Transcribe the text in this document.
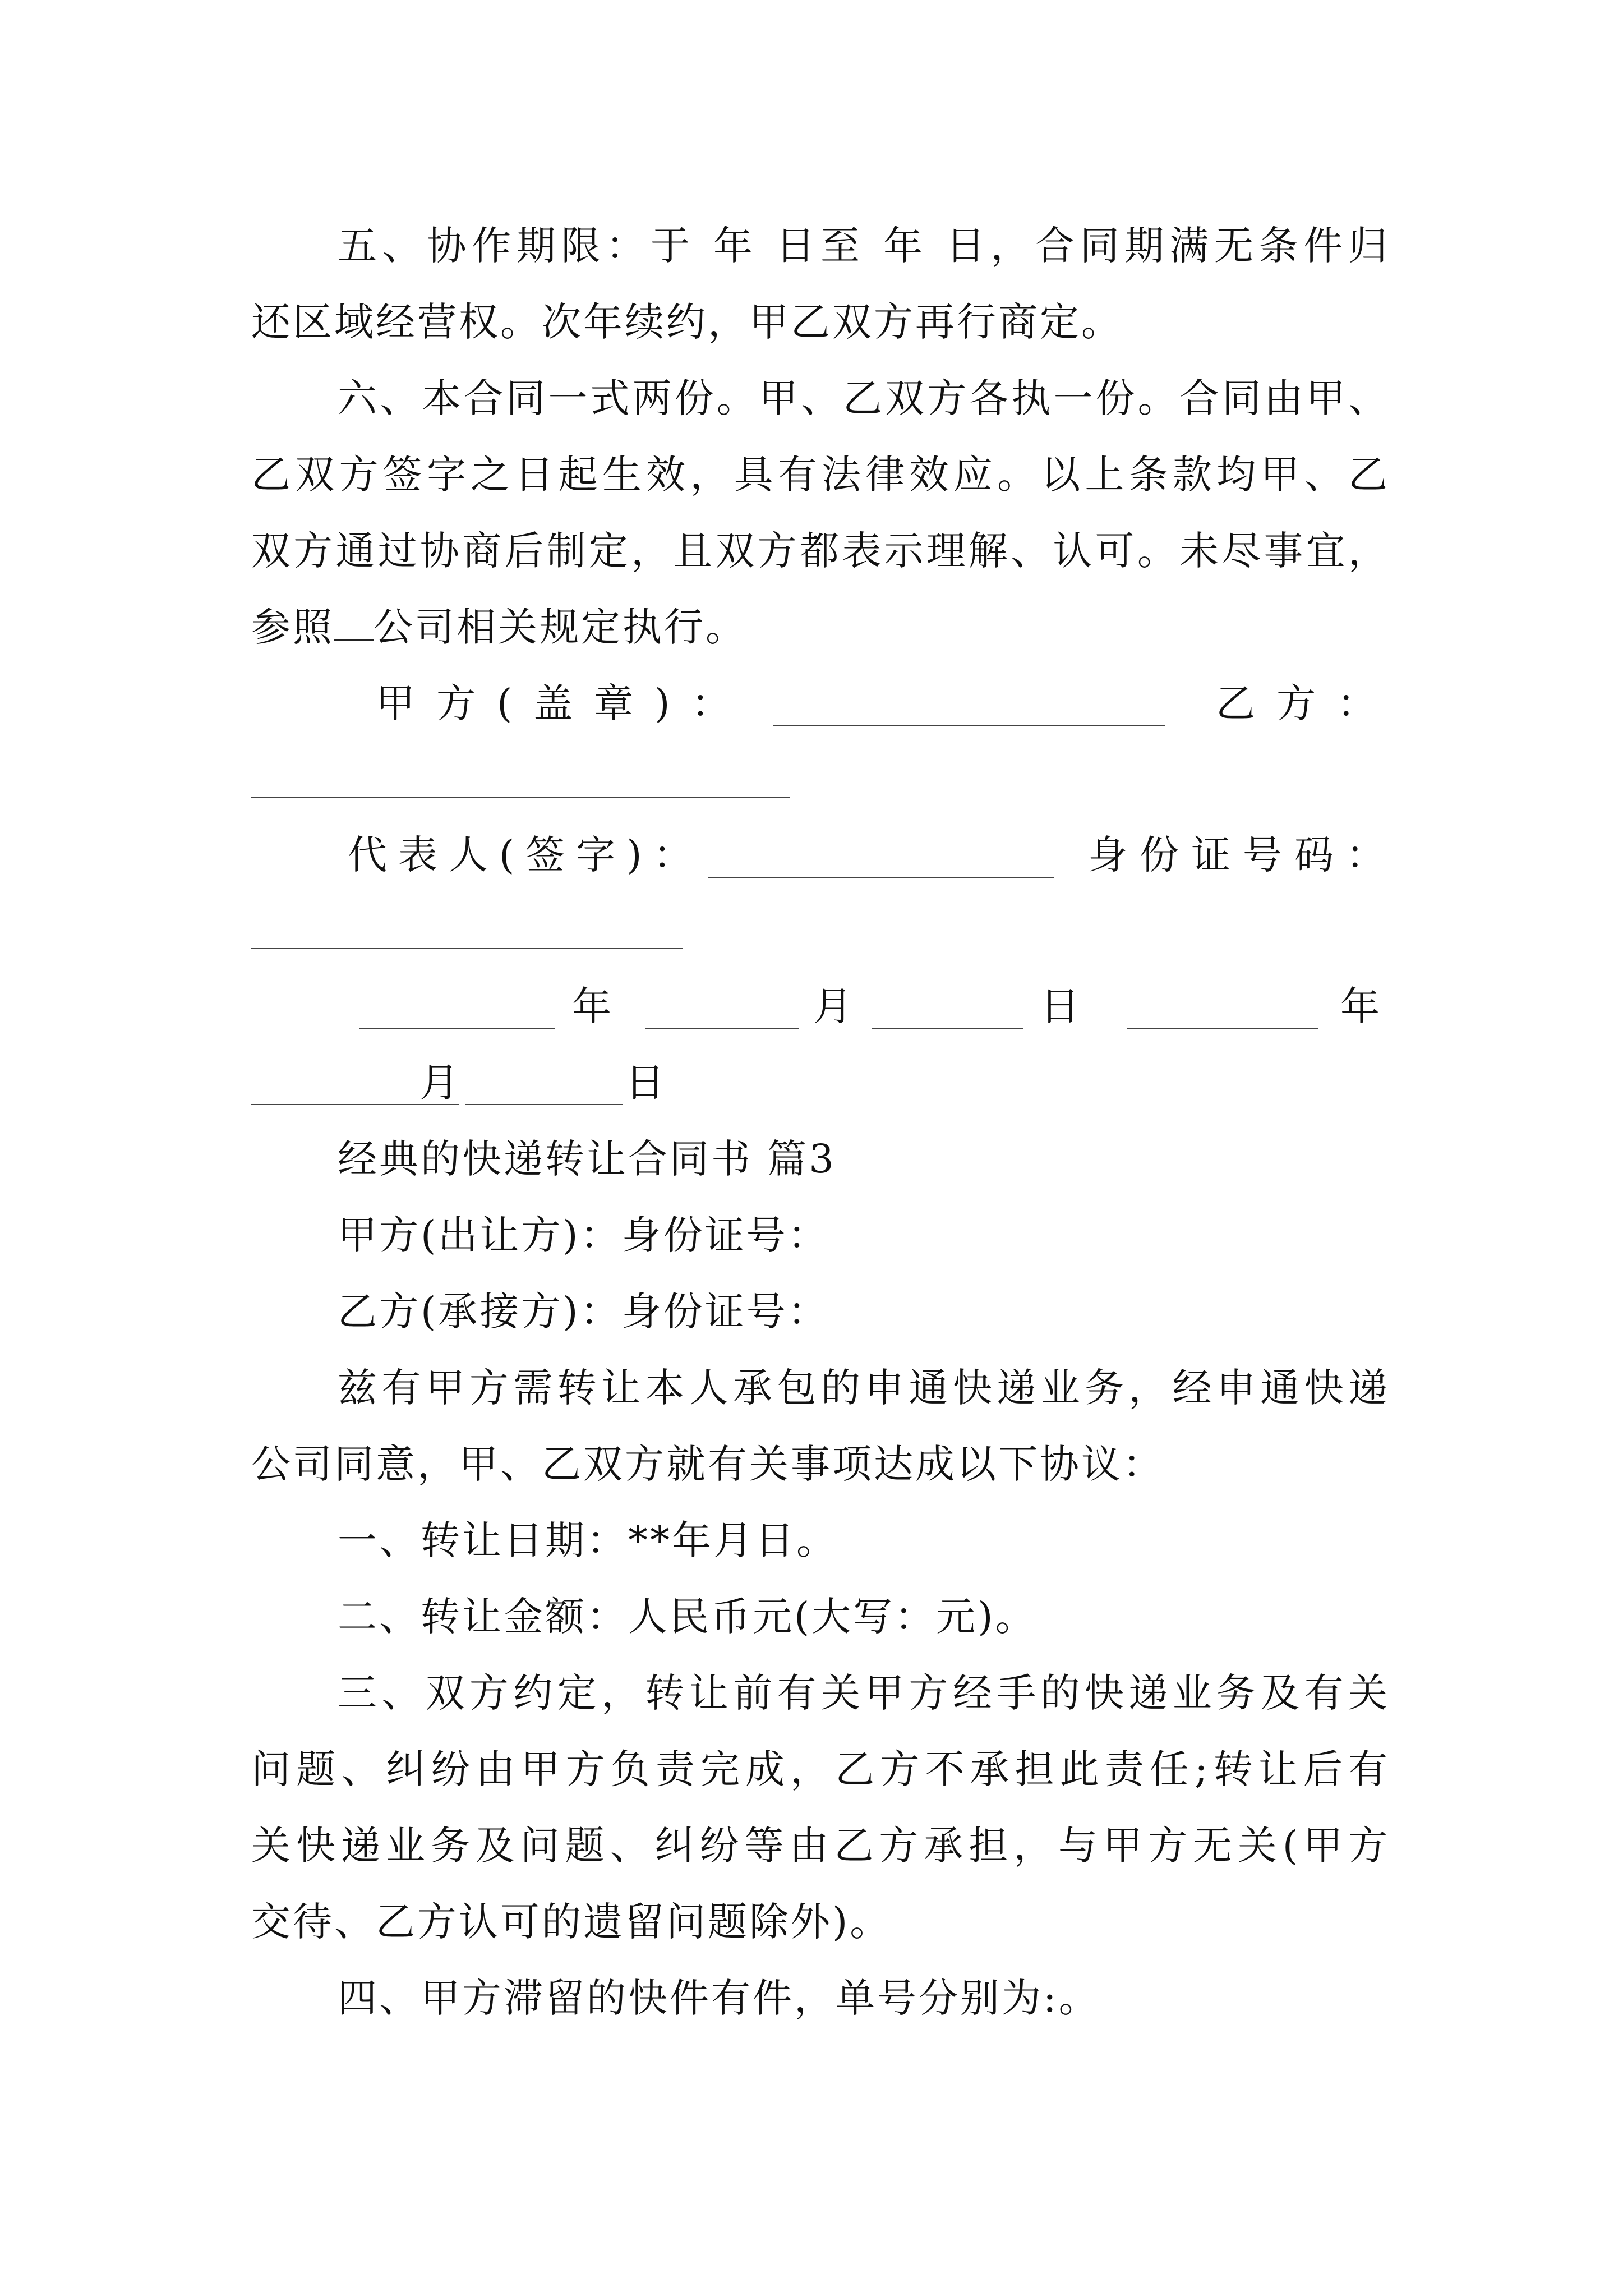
五、协作期限：于 年 日至 年 日，合同期满无条件归
还区域经营权。次年续约，甲乙双方再行商定。
六、本合同一式两份。甲、乙双方各执一份。合同由甲、
乙双方签字之日起生效，具有法律效应。以上条款均甲、乙
双方通过协商后制定，且双方都表示理解、认可。未尽事宜，
参照 公司相关规定执行。
甲方(盖章)：	乙方：
代表人(签字)：	身份证号码：
年	月	日	年
月	日
经典的快递转让合同书 篇3
甲方(出让方)：身份证号：
乙方(承接方)：身份证号：
兹有甲方需转让本人承包的申通快递业务，经申通快递
公司同意，甲、乙双方就有关事项达成以下协议：
一、转让日期：**年月日。
二、转让金额：人民币元(大写：元)。
三、双方约定，转让前有关甲方经手的快递业务及有关
问题、纠纷由甲方负责完成，乙方不承担此责任;转让后有
关快递业务及问题、纠纷等由乙方承担，与甲方无关(甲方
交待、乙方认可的遗留问题除外)。
四、甲方滞留的快件有件，单号分别为:。
